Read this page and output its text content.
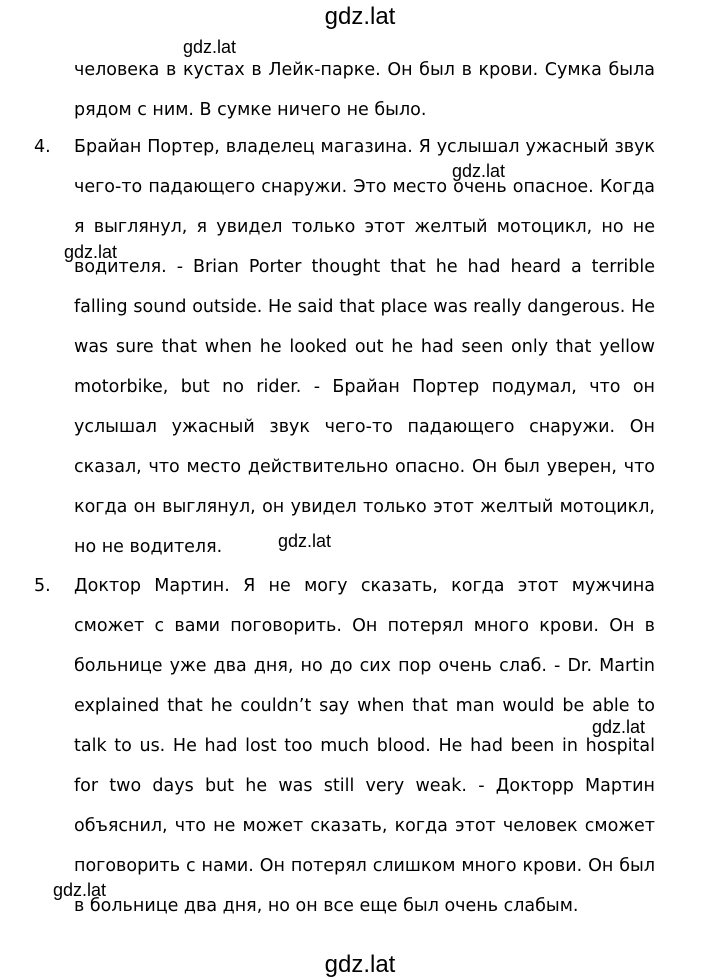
gdz.lat

человека в кустах в Лейк-парке. Он был в крови. Сумка была рядом с ним. В сумке ничего не было.

4. Брайан Портер, владелец магазина. Я услышал ужасный звук чего-то падающего снаружи. Это место очень опасное. Когда я выглянул, я увидел только этот желтый мотоцикл, но не водителя. - Brian Porter thought that he had heard a terrible falling sound outside. He said that place was really dangerous. He was sure that when he looked out he had seen only that yellow motorbike, but no rider. - Брайан Портер подумал, что он услышал ужасный звук чего-то падающего снаружи. Он сказал, что место действительно опасно. Он был уверен, что когда он выглянул, он увидел только этот желтый мотоцикл, но не водителя.

5. Доктор Мартин. Я не могу сказать, когда этот мужчина сможет с вами поговорить. Он потерял много крови. Он в больнице уже два дня, но до сих пор очень слаб. - Dr. Martin explained that he couldn’t say when that man would be able to talk to us. He had lost too much blood. He had been in hospital for two days but he was still very weak. - Докторр Мартин объяснил, что не может сказать, когда этот человек сможет поговорить с нами. Он потерял слишком много крови. Он был в больнице два дня, но он все еще был очень слабым.

gdz.lat
gdz.lat
gdz.lat
gdz.lat
gdz.lat
gdz.lat
gdz.lat
